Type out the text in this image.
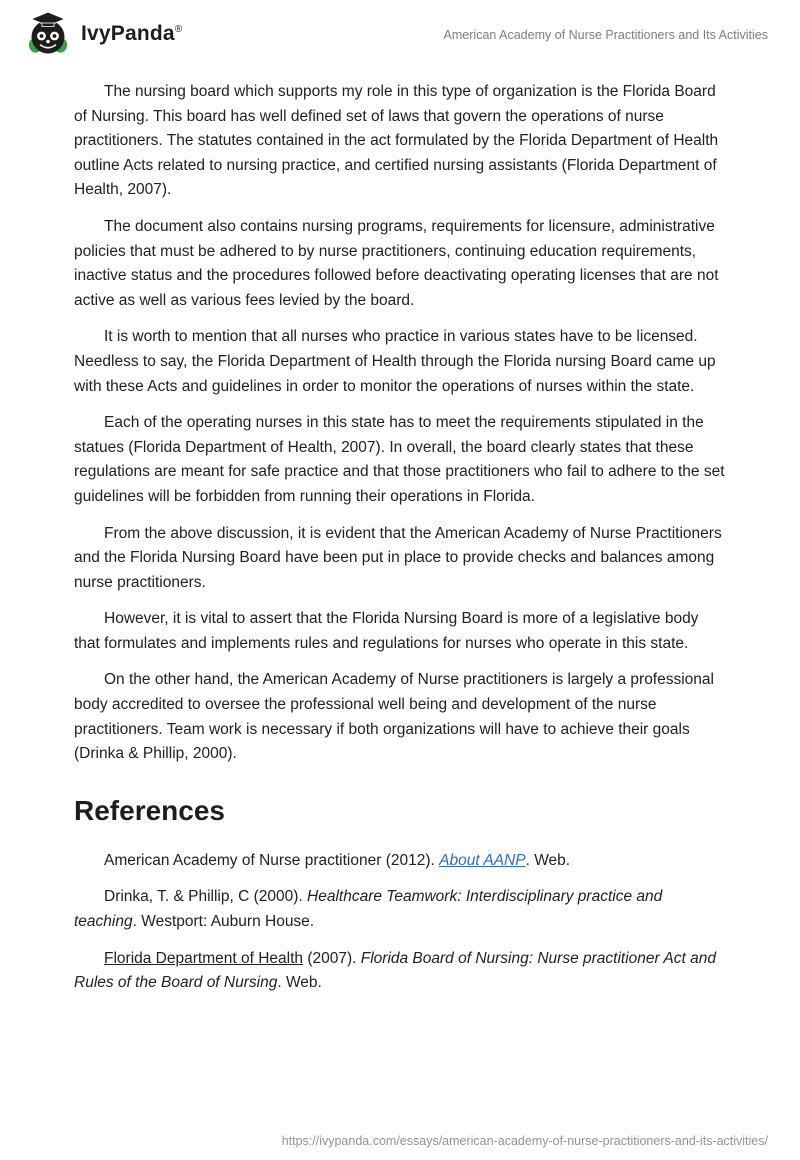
IvyPanda®	American Academy of Nurse Practitioners and Its Activities

The nursing board which supports my role in this type of organization is the Florida Board of Nursing. This board has well defined set of laws that govern the operations of nurse practitioners. The statutes contained in the act formulated by the Florida Department of Health outline Acts related to nursing practice, and certified nursing assistants (Florida Department of Health, 2007).

The document also contains nursing programs, requirements for licensure, administrative policies that must be adhered to by nurse practitioners, continuing education requirements, inactive status and the procedures followed before deactivating operating licenses that are not active as well as various fees levied by the board.

It is worth to mention that all nurses who practice in various states have to be licensed. Needless to say, the Florida Department of Health through the Florida nursing Board came up with these Acts and guidelines in order to monitor the operations of nurses within the state.

Each of the operating nurses in this state has to meet the requirements stipulated in the statues (Florida Department of Health, 2007). In overall, the board clearly states that these regulations are meant for safe practice and that those practitioners who fail to adhere to the set guidelines will be forbidden from running their operations in Florida.

From the above discussion, it is evident that the American Academy of Nurse Practitioners and the Florida Nursing Board have been put in place to provide checks and balances among nurse practitioners.

However, it is vital to assert that the Florida Nursing Board is more of a legislative body that formulates and implements rules and regulations for nurses who operate in this state.

On the other hand, the American Academy of Nurse practitioners is largely a professional body accredited to oversee the professional well being and development of the nurse practitioners. Team work is necessary if both organizations will have to achieve their goals (Drinka & Phillip, 2000).

References

American Academy of Nurse practitioner (2012). About AANP. Web.

Drinka, T. & Phillip, C (2000). Healthcare Teamwork: Interdisciplinary practice and teaching. Westport: Auburn House.

Florida Department of Health (2007). Florida Board of Nursing: Nurse practitioner Act and Rules of the Board of Nursing. Web.

https://ivypanda.com/essays/american-academy-of-nurse-practitioners-and-its-activities/
